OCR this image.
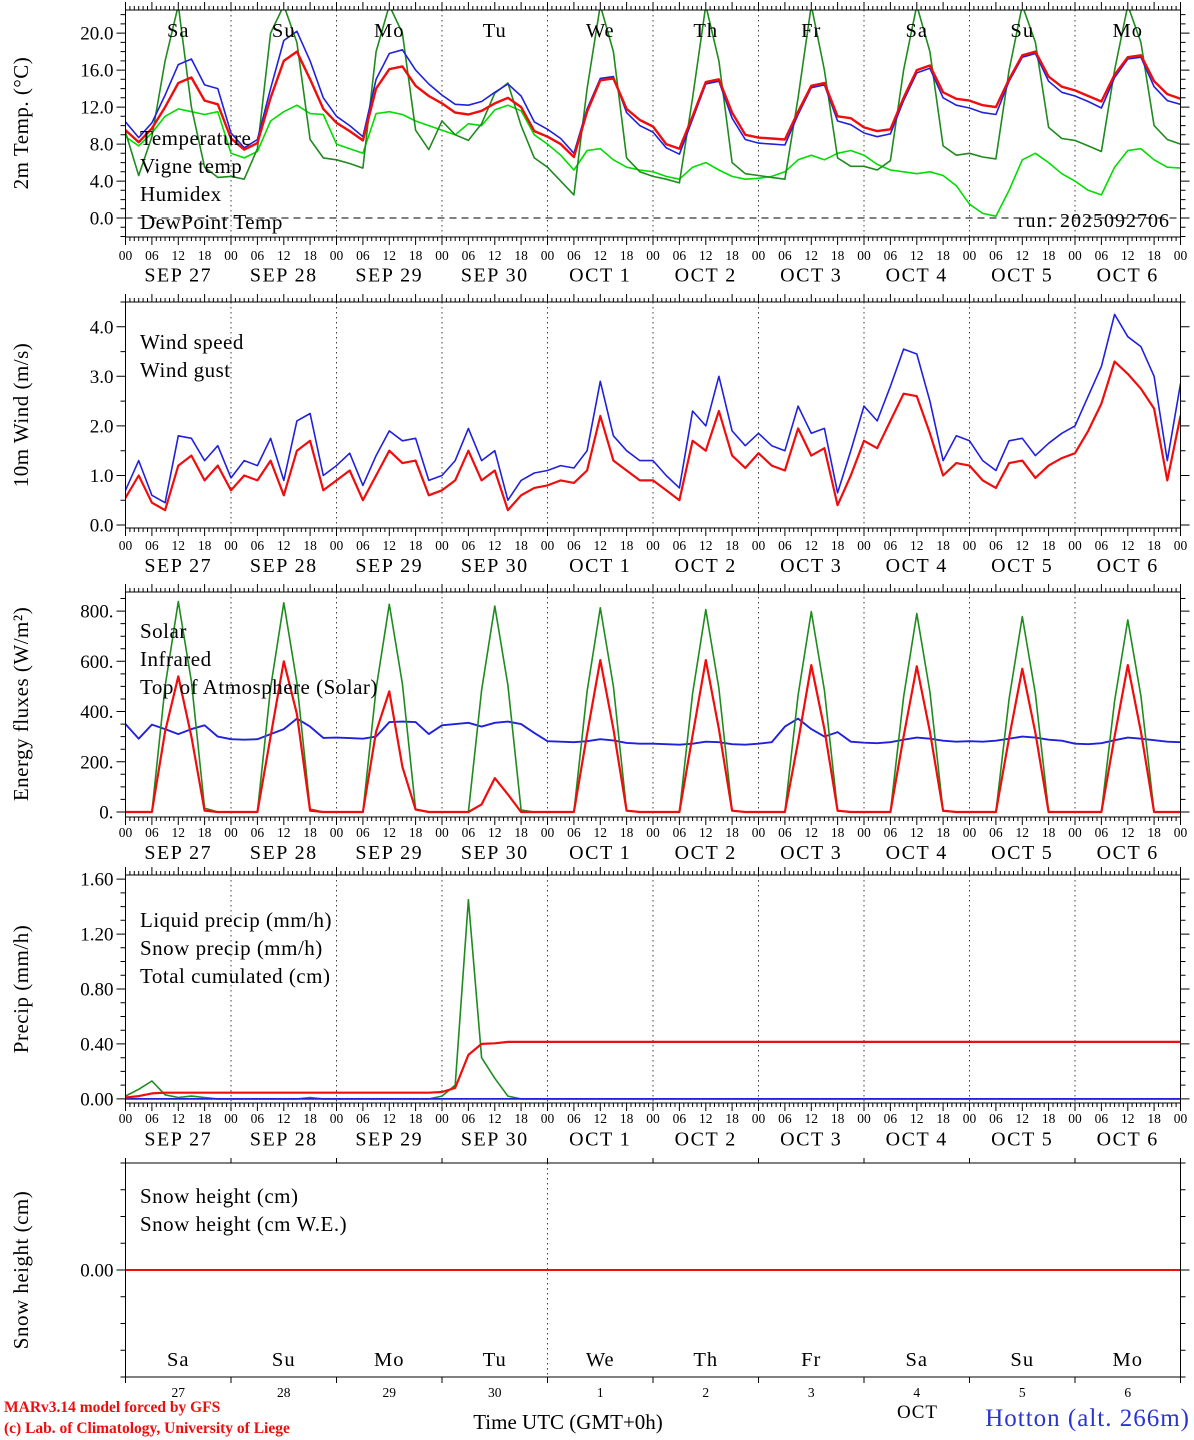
0.0
4.0
8.0
12.0
16.0
20.0
Temperature
Vigne temp
Humidex
DewPoint Temp
2m Temp. (°C)
0.0
1.0
2.0
3.0
4.0
Wind speed
Wind gust
10m Wind (m/s)
0.
200.
400.
600.
800.
Solar
Infrared
Top of Atmosphere (Solar)
Energy fluxes (W/m²)
0.00
0.40
0.80
1.20
1.60
Liquid precip (mm/h)
Snow precip (mm/h)
Total cumulated (cm)
Precip (mm/h)
0.00
Snow height (cm)
Snow height (cm W.E.)
Snow height (cm)
00 06 12 18 00 06 12 18 00 06 12 18 00 06 12 18 00 06 12 18 00 06 12 18 00 06 12 18 00 06 12 18 00 06 12 18 00 06 12 18 00
SEP 27 SEP 28 SEP 29 SEP 30 OCT 1 OCT 2 OCT 3 OCT 4 OCT 5 OCT 6
00 06 12 18 00 06 12 18 00 06 12 18 00 06 12 18 00 06 12 18 00 06 12 18 00 06 12 18 00 06 12 18 00 06 12 18 00 06 12 18 00
SEP 27 SEP 28 SEP 29 SEP 30 OCT 1 OCT 2 OCT 3 OCT 4 OCT 5 OCT 6
00 06 12 18 00 06 12 18 00 06 12 18 00 06 12 18 00 06 12 18 00 06 12 18 00 06 12 18 00 06 12 18 00 06 12 18 00 06 12 18 00
SEP 27 SEP 28 SEP 29 SEP 30 OCT 1 OCT 2 OCT 3 OCT 4 OCT 5 OCT 6
00 06 12 18 00 06 12 18 00 06 12 18 00 06 12 18 00 06 12 18 00 06 12 18 00 06 12 18 00 06 12 18 00 06 12 18 00 06 12 18 00
SEP 27 SEP 28 SEP 29 SEP 30 OCT 1 OCT 2 OCT 3 OCT 4 OCT 5 OCT 6
Sa
Sa
Su
Su
Mo
Mo
Tu
Tu
We
We
Th
Th
Fr
Fr
Sa
Sa
Su
Su
Mo
Mo
27	28	29	30	1	2	3	4	5	6
run: 2025092706
MARv3.14 model forced by GFS
(c) Lab. of Climatology, University of Liege	Time UTC (GMT+0h)	OCT Hotton (alt. 266m)
